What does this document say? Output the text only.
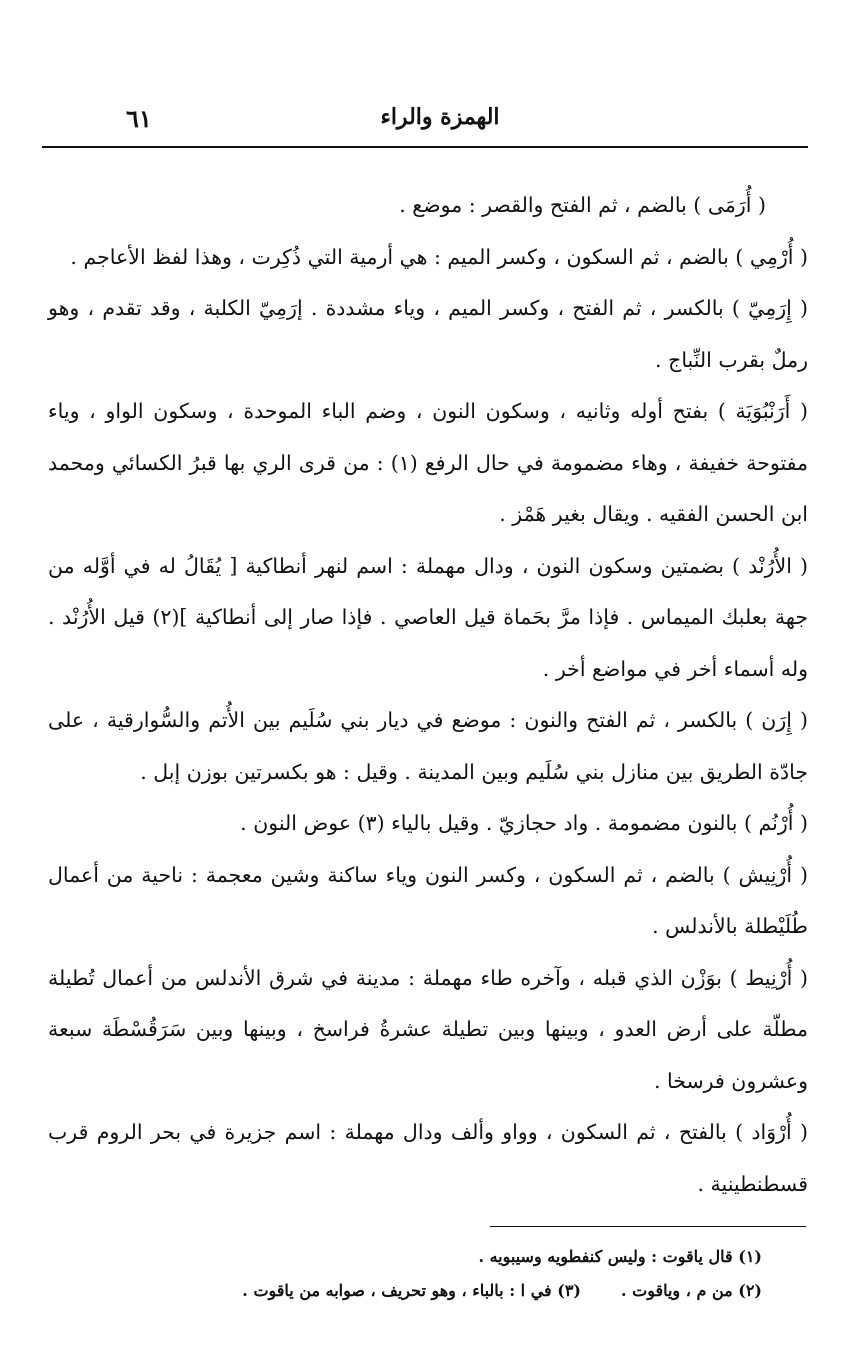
٦١	الهمزة والراء

( أُرَمَى ) بالضم ، ثم الفتح والقصر : موضع .

( أُرْمِي ) بالضم ، ثم السكون ، وكسر الميم : هي أرمية التي ذُكِرت ، وهذا لفظ الأعاجم .

( إِرَمِيّ ) بالكسر ، ثم الفتح ، وكسر الميم ، وياء مشددة . إرَمِيّ الكلبة ، وقد تقدم ، وهو رملٌ بقرب النِّباج .

( أَرَنْبُوَيَة ) بفتح أوله وثانيه ، وسكون النون ، وضم الباء الموحدة ، وسكون الواو ، وياء مفتوحة خفيفة ، وهاء مضمومة في حال الرفع (١) : من قرى الري بها قبرُ الكسائي ومحمد ابن الحسن الفقيه . ويقال بغير هَمْز .

( الأُرُنْد ) بضمتين وسكون النون ، ودال مهملة : اسم لنهر أنطاكية [ يُقَالُ له في أوَّله من جهة بعلبك الميماس . فإذا مرَّ بحَماة قيل العاصي . فإذا صار إلى أنطاكية ](٢) قيل الأُرُنْد . وله أسماء أخر في مواضع أخر .

( إِرَن ) بالكسر ، ثم الفتح والنون : موضع في ديار بني سُلَيم بين الأُتم والسُّوارقية ، على جادّة الطريق بين منازل بني سُلَيم وبين المدينة . وقيل : هو بكسرتين بوزن إبل .

( أُرْنُم ) بالنون مضمومة . واد حجازيّ . وقيل بالياء (٣) عوض النون .

( أُرْنِيش ) بالضم ، ثم السكون ، وكسر النون وياء ساكنة وشين معجمة : ناحية من أعمال طُلَيْطلة بالأندلس .

( أُرْنِيط ) بوَزْن الذي قبله ، وآخره طاء مهملة : مدينة في شرق الأندلس من أعمال تُطيلة مطلّة على أرض العدو ، وبينها وبين تطيلة عشرةُ فراسخ ، وبينها وبين سَرَقُسْطَة سبعة وعشرون فرسخا .

( أُرْوَاد ) بالفتح ، ثم السكون ، وواو وألف ودال مهملة : اسم جزيرة في بحر الروم قرب قسطنطينية .

(١) قال ياقوت : وليس كنفطويه وسيبويه .

(٢) من م ، وياقوت .(٣) في ا : بالباء ، وهو تحريف ، صوابه من ياقوت .
